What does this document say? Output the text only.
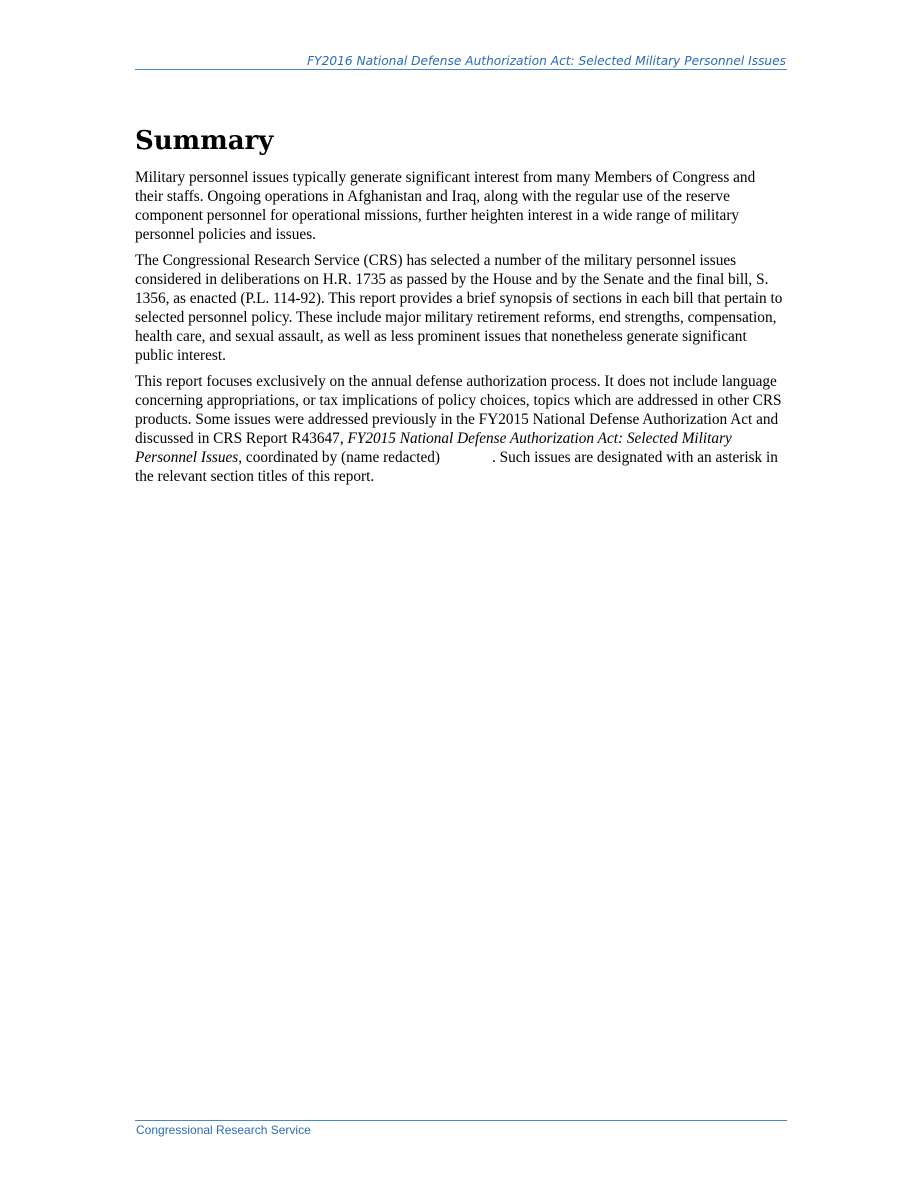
FY2016 National Defense Authorization Act: Selected Military Personnel Issues
Summary

Military personnel issues typically generate significant interest from many Members of Congress and their staffs. Ongoing operations in Afghanistan and Iraq, along with the regular use of the reserve component personnel for operational missions, further heighten interest in a wide range of military personnel policies and issues.

The Congressional Research Service (CRS) has selected a number of the military personnel issues considered in deliberations on H.R. 1735 as passed by the House and by the Senate and the final bill, S. 1356, as enacted (P.L. 114-92). This report provides a brief synopsis of sections in each bill that pertain to selected personnel policy. These include major military retirement reforms, end strengths, compensation, health care, and sexual assault, as well as less prominent issues that nonetheless generate significant public interest.

This report focuses exclusively on the annual defense authorization process. It does not include language concerning appropriations, or tax implications of policy choices, topics which are addressed in other CRS products. Some issues were addressed previously in the FY2015 National Defense Authorization Act and discussed in CRS Report R43647, FY2015 National Defense Authorization Act: Selected Military Personnel Issues, coordinated by (name redacted)	. Such issues are designated with an asterisk in the relevant section titles of this report.

Congressional Research Service
